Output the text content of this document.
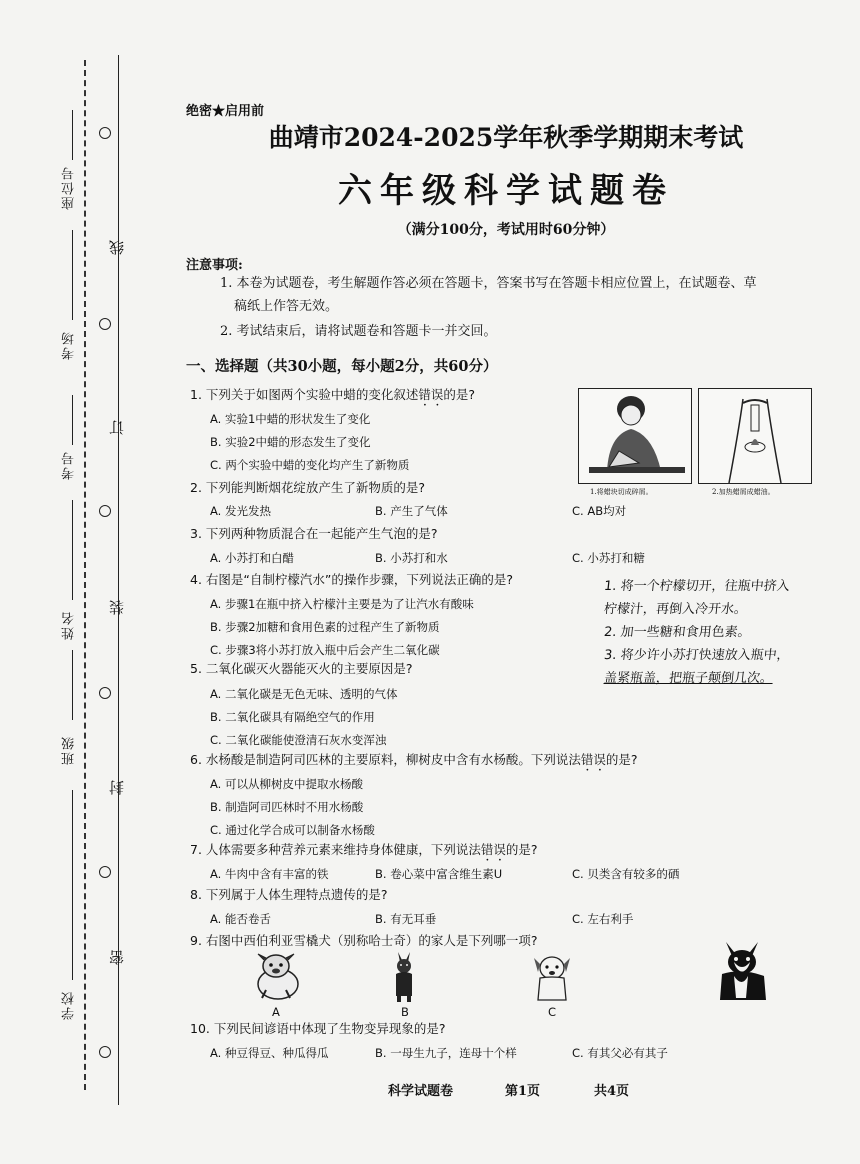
座位号
考场
考号
姓名
班级
学校
线
订
装
封
密
绝密★启用前
曲靖市2024-2025学年秋季学期期末考试
六年级科学试题卷
（满分100分，考试用时60分钟）
注意事项:
1. 本卷为试题卷，考生解题作答必须在答题卡，答案书写在答题卡相应位置上，在试题卷、草
稿纸上作答无效。
2. 考试结束后，请将试题卷和答题卡一并交回。
一、选择题（共30小题，每小题2分，共60分）
1. 下列关于如图两个实验中蜡的变化叙述错误的是?
A. 实验1中蜡的形状发生了变化
B. 实验2中蜡的形态发生了变化
C. 两个实验中蜡的变化均产生了新物质
1.将蜡块切成碎屑。	2.加热蜡屑成蜡油。
2. 下列能判断烟花绽放产生了新物质的是?
A. 发光发热	B. 产生了气体	C. AB均对
3. 下列两种物质混合在一起能产生气泡的是?
A. 小苏打和白醋	B. 小苏打和水	C. 小苏打和糖
4. 右图是“自制柠檬汽水”的操作步骤，下列说法正确的是?
A. 步骤1在瓶中挤入柠檬汁主要是为了让汽水有酸味
B. 步骤2加糖和食用色素的过程产生了新物质
C. 步骤3将小苏打放入瓶中后会产生二氧化碳
1. 将一个柠檬切开，往瓶中挤入
柠檬汁，再倒入冷开水。
2. 加一些糖和食用色素。
3. 将少许小苏打快速放入瓶中，
盖紧瓶盖，把瓶子颠倒几次。
5. 二氧化碳灭火器能灭火的主要原因是?
A. 二氧化碳是无色无味、透明的气体
B. 二氧化碳具有隔绝空气的作用
C. 二氧化碳能使澄清石灰水变浑浊
6. 水杨酸是制造阿司匹林的主要原料，柳树皮中含有水杨酸。下列说法错误的是?
A. 可以从柳树皮中提取水杨酸
B. 制造阿司匹林时不用水杨酸
C. 通过化学合成可以制备水杨酸
7. 人体需要多种营养元素来维持身体健康，下列说法错误的是?
A. 牛肉中含有丰富的铁	B. 卷心菜中富含维生素U	C. 贝类含有较多的硒
8. 下列属于人体生理特点遗传的是?
A. 能否卷舌	B. 有无耳垂	C. 左右利手
9. 右图中西伯利亚雪橇犬（别称哈士奇）的家人是下列哪一项?
A	B	C
10. 下列民间谚语中体现了生物变异现象的是?
A. 种豆得豆、种瓜得瓜	B. 一母生九子，连母十个样	C. 有其父必有其子
科学试题卷	第1页	共4页
